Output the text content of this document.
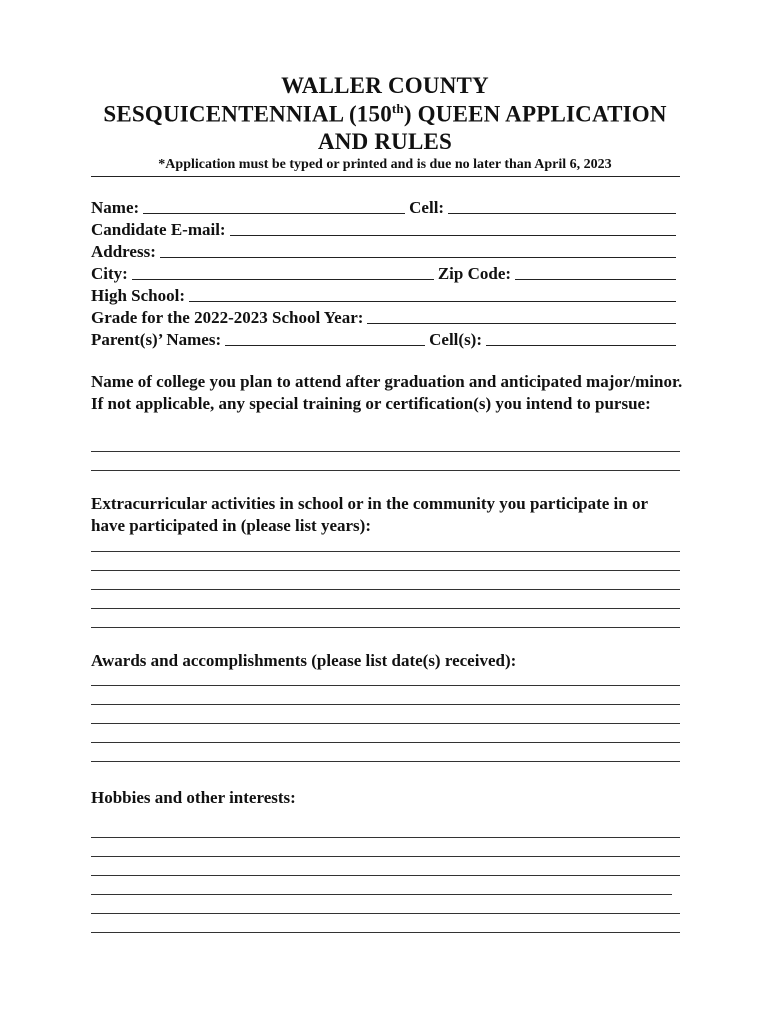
WALLER COUNTY
SESQUICENTENNIAL (150th) QUEEN APPLICATION
AND RULES
*Application must be typed or printed and is due no later than April 6, 2023
Name:	Cell:
Candidate E-mail:
Address:
City:	Zip Code:
High School:
Grade for the 2022-2023 School Year:
Parent(s)’ Names:	Cell(s):
Name of college you plan to attend after graduation and anticipated major/minor. If not applicable, any special training or certification(s) you intend to pursue:
Extracurricular activities in school or in the community you participate in or have participated in (please list years):
Awards and accomplishments (please list date(s) received):
Hobbies and other interests:
